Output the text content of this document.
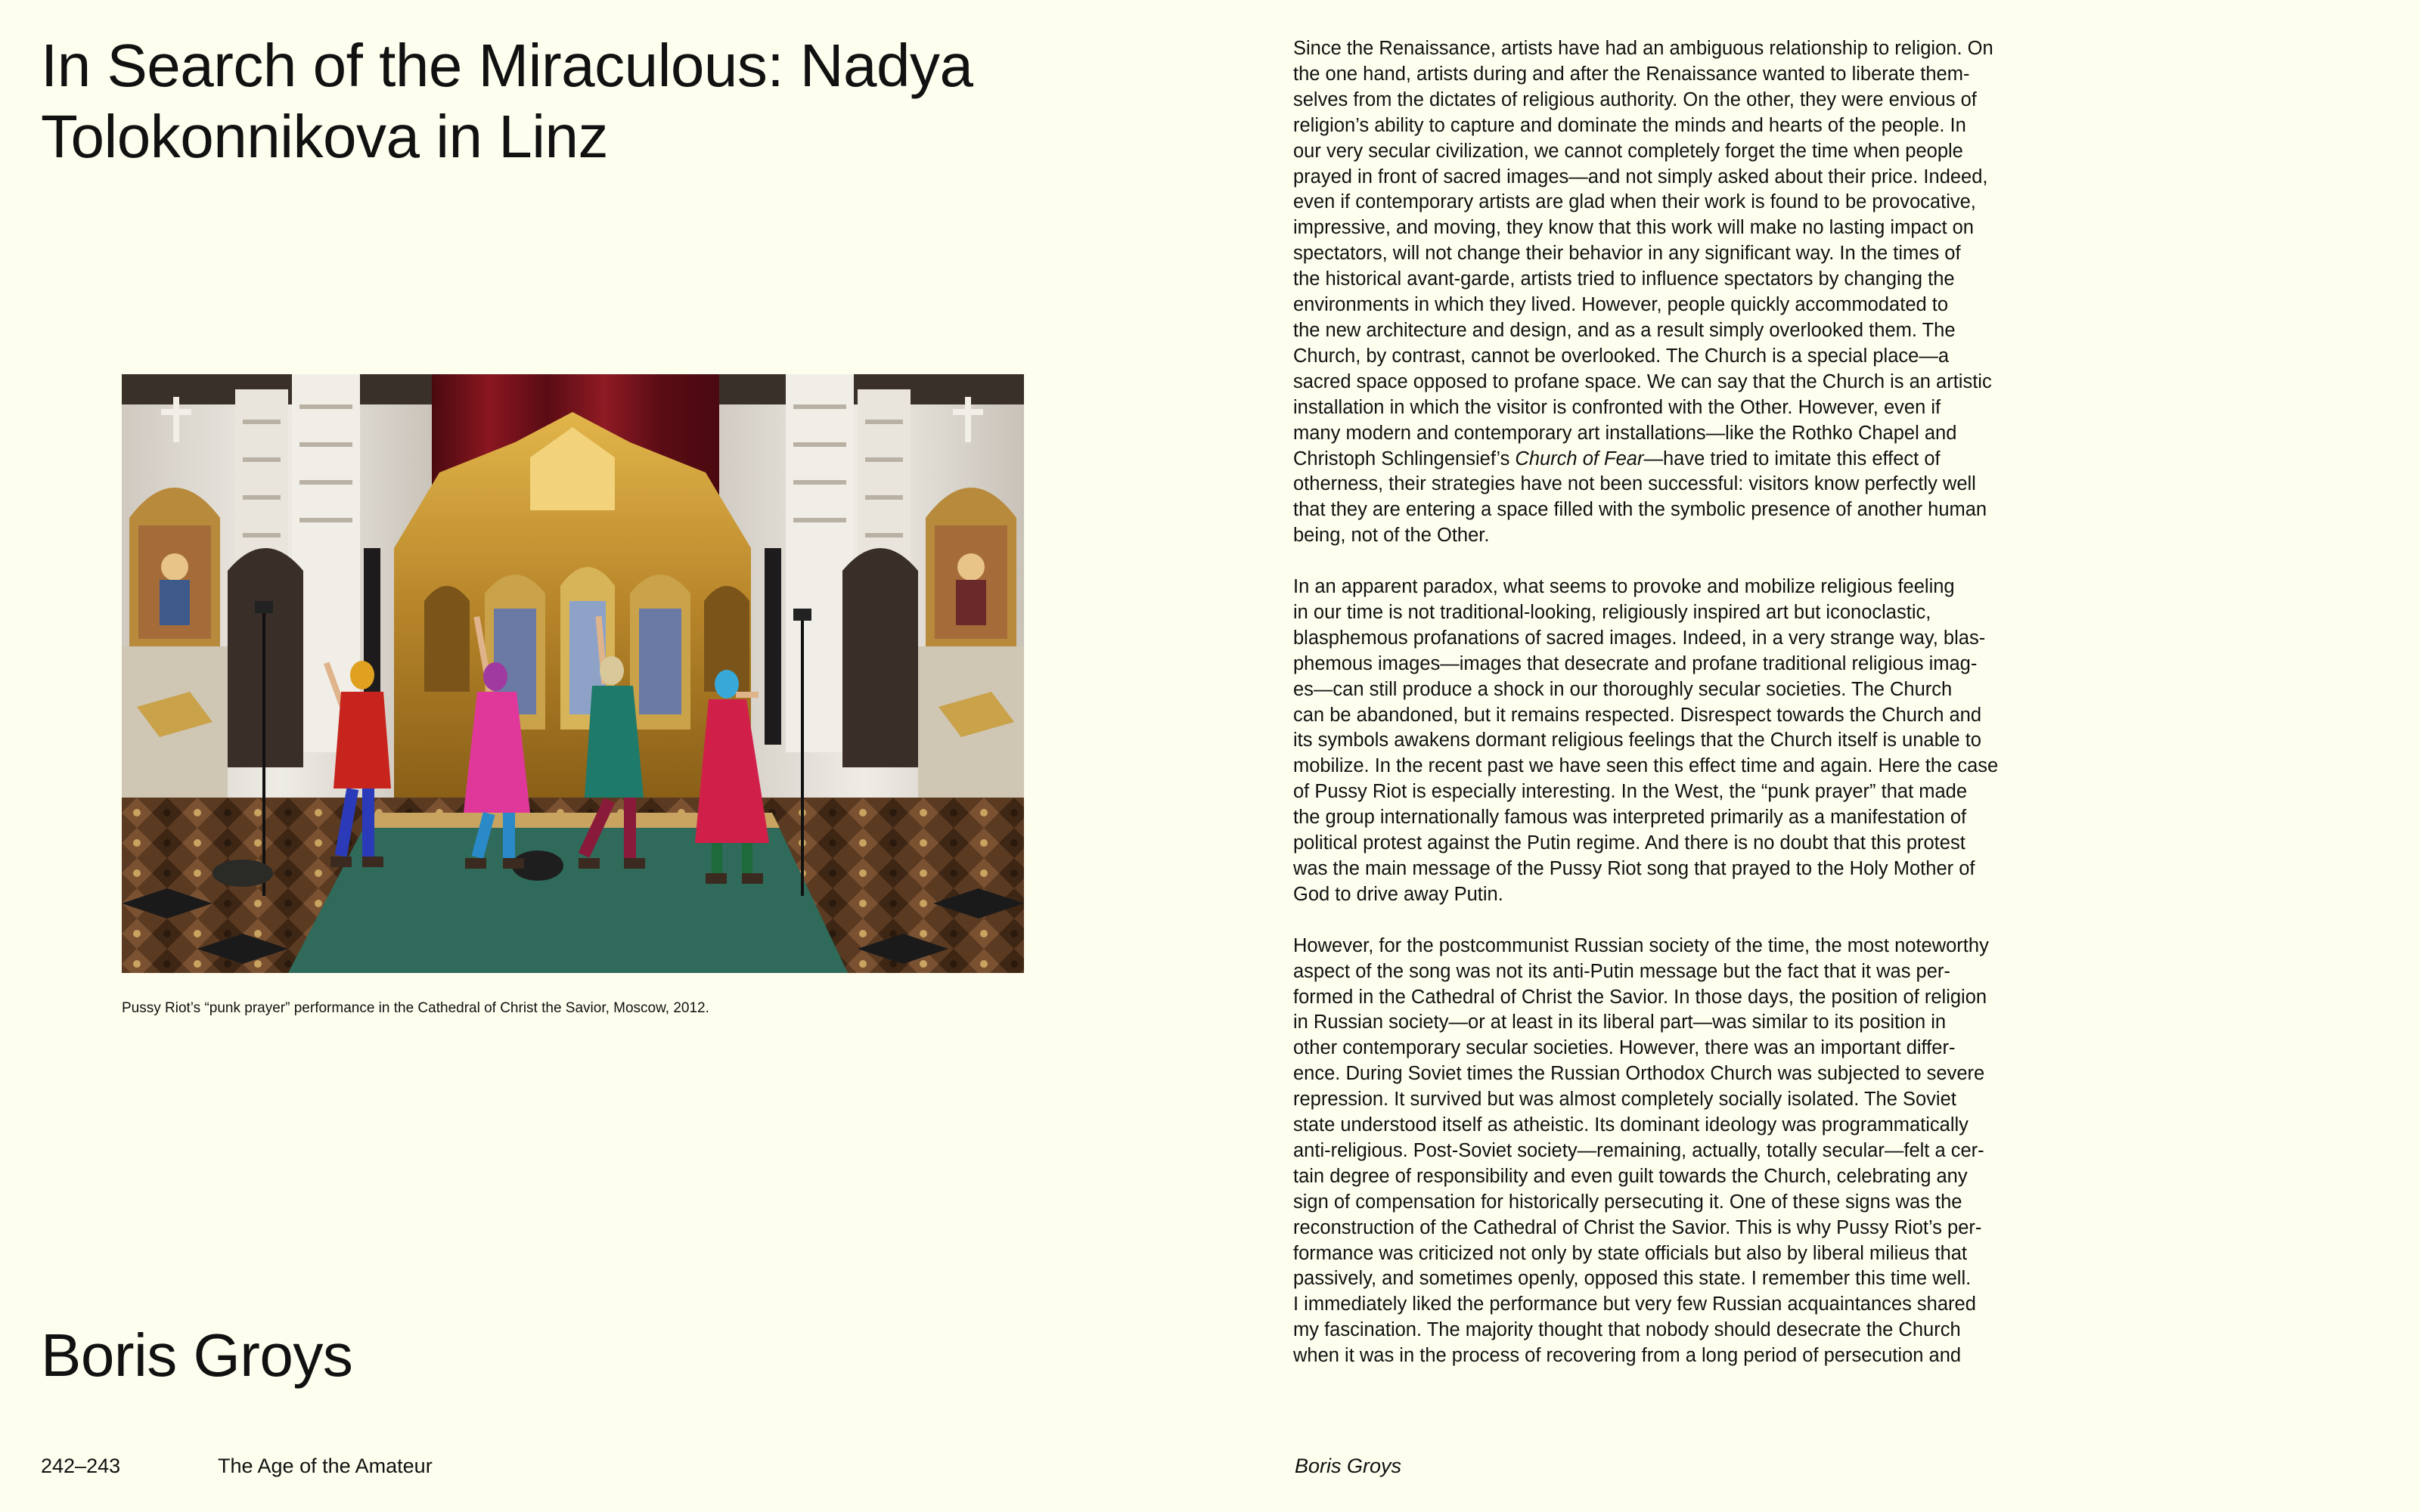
In Search of the Miraculous: Nadya Tolokonnikova in Linz
Pussy Riot’s “punk prayer” performance in the Cathedral of Christ the Savior, Moscow, 2012.
Boris Groys
242–243	The Age of the Amateur	Boris Groys

Since the Renaissance, artists have had an ambiguous relationship to religion. On
the one hand, artists during and after the Renaissance wanted to liberate them-
selves from the dictates of religious authority. On the other, they were envious of
religion’s ability to capture and dominate the minds and hearts of the people. In
our very secular civilization, we cannot completely forget the time when people
prayed in front of sacred images—and not simply asked about their price. Indeed,
even if contemporary artists are glad when their work is found to be provocative,
impressive, and moving, they know that this work will make no lasting impact on
spectators, will not change their behavior in any significant way. In the times of
the historical avant-garde, artists tried to influence spectators by changing the
environments in which they lived. However, people quickly accommodated to
the new architecture and design, and as a result simply overlooked them. The
Church, by contrast, cannot be overlooked. The Church is a special place—a
sacred space opposed to profane space. We can say that the Church is an artistic
installation in which the visitor is confronted with the Other. However, even if
many modern and contemporary art installations—like the Rothko Chapel and
Christoph Schlingensief’s Church of Fear—have tried to imitate this effect of
otherness, their strategies have not been successful: visitors know perfectly well
that they are entering a space filled with the symbolic presence of another human
being, not of the Other.

In an apparent paradox, what seems to provoke and mobilize religious feeling
in our time is not traditional-looking, religiously inspired art but iconoclastic,
blasphemous profanations of sacred images. Indeed, in a very strange way, blas-
phemous images—images that desecrate and profane traditional religious imag-
es—can still produce a shock in our thoroughly secular societies. The Church
can be abandoned, but it remains respected. Disrespect towards the Church and
its symbols awakens dormant religious feelings that the Church itself is unable to
mobilize. In the recent past we have seen this effect time and again. Here the case
of Pussy Riot is especially interesting. In the West, the “punk prayer” that made
the group internationally famous was interpreted primarily as a manifestation of
political protest against the Putin regime. And there is no doubt that this protest
was the main message of the Pussy Riot song that prayed to the Holy Mother of
God to drive away Putin.

However, for the postcommunist Russian society of the time, the most noteworthy
aspect of the song was not its anti-Putin message but the fact that it was per-
formed in the Cathedral of Christ the Savior. In those days, the position of religion
in Russian society—or at least in its liberal part—was similar to its position in
other contemporary secular societies. However, there was an important differ-
ence. During Soviet times the Russian Orthodox Church was subjected to severe
repression. It survived but was almost completely socially isolated. The Soviet
state understood itself as atheistic. Its dominant ideology was programmatically
anti-religious. Post-Soviet society—remaining, actually, totally secular—felt a cer-
tain degree of responsibility and even guilt towards the Church, celebrating any
sign of compensation for historically persecuting it. One of these signs was the
reconstruction of the Cathedral of Christ the Savior. This is why Pussy Riot’s per-
formance was criticized not only by state officials but also by liberal milieus that
passively, and sometimes openly, opposed this state. I remember this time well.
I immediately liked the performance but very few Russian acquaintances shared
my fascination. The majority thought that nobody should desecrate the Church
when it was in the process of recovering from a long period of persecution and
